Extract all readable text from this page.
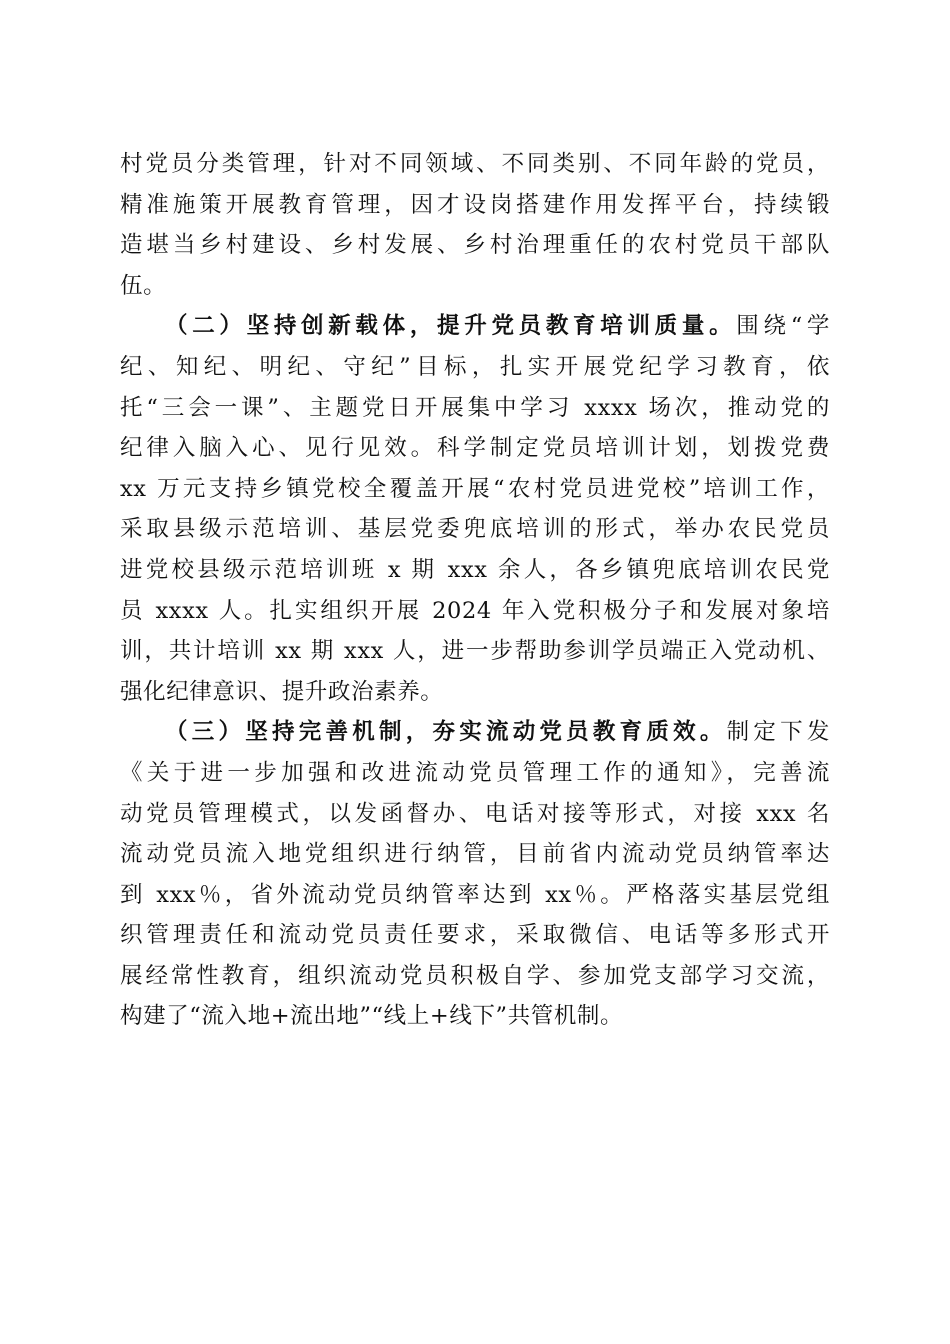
村党员分类管理，针对不同领域、不同类别、不同年龄的党员，
精准施策开展教育管理，因才设岗搭建作用发挥平台，持续锻
造堪当乡村建设、乡村发展、乡村治理重任的农村党员干部队
伍。
（二）坚持创新载体，提升党员教育培训质量。围绕“学
纪、知纪、明纪、守纪”目标，扎实开展党纪学习教育，依
托“三会一课”、主题党日开展集中学习 xxxx 场次，推动党的
纪律入脑入心、见行见效。科学制定党员培训计划，划拨党费
xx 万元支持乡镇党校全覆盖开展“农村党员进党校”培训工作，
采取县级示范培训、基层党委兜底培训的形式，举办农民党员
进党校县级示范培训班 x 期 xxx 余人，各乡镇兜底培训农民党
员 xxxx 人。扎实组织开展 2024 年入党积极分子和发展对象培
训，共计培训 xx 期 xxx 人，进一步帮助参训学员端正入党动机、
强化纪律意识、提升政治素养。
（三）坚持完善机制，夯实流动党员教育质效。制定下发
《关于进一步加强和改进流动党员管理工作的通知》，完善流
动党员管理模式，以发函督办、电话对接等形式，对接 xxx 名
流动党员流入地党组织进行纳管，目前省内流动党员纳管率达
到 xxx％，省外流动党员纳管率达到 xx％。严格落实基层党组
织管理责任和流动党员责任要求，采取微信、电话等多形式开
展经常性教育，组织流动党员积极自学、参加党支部学习交流，
构建了“流入地+流出地”“线上+线下”共管机制。
